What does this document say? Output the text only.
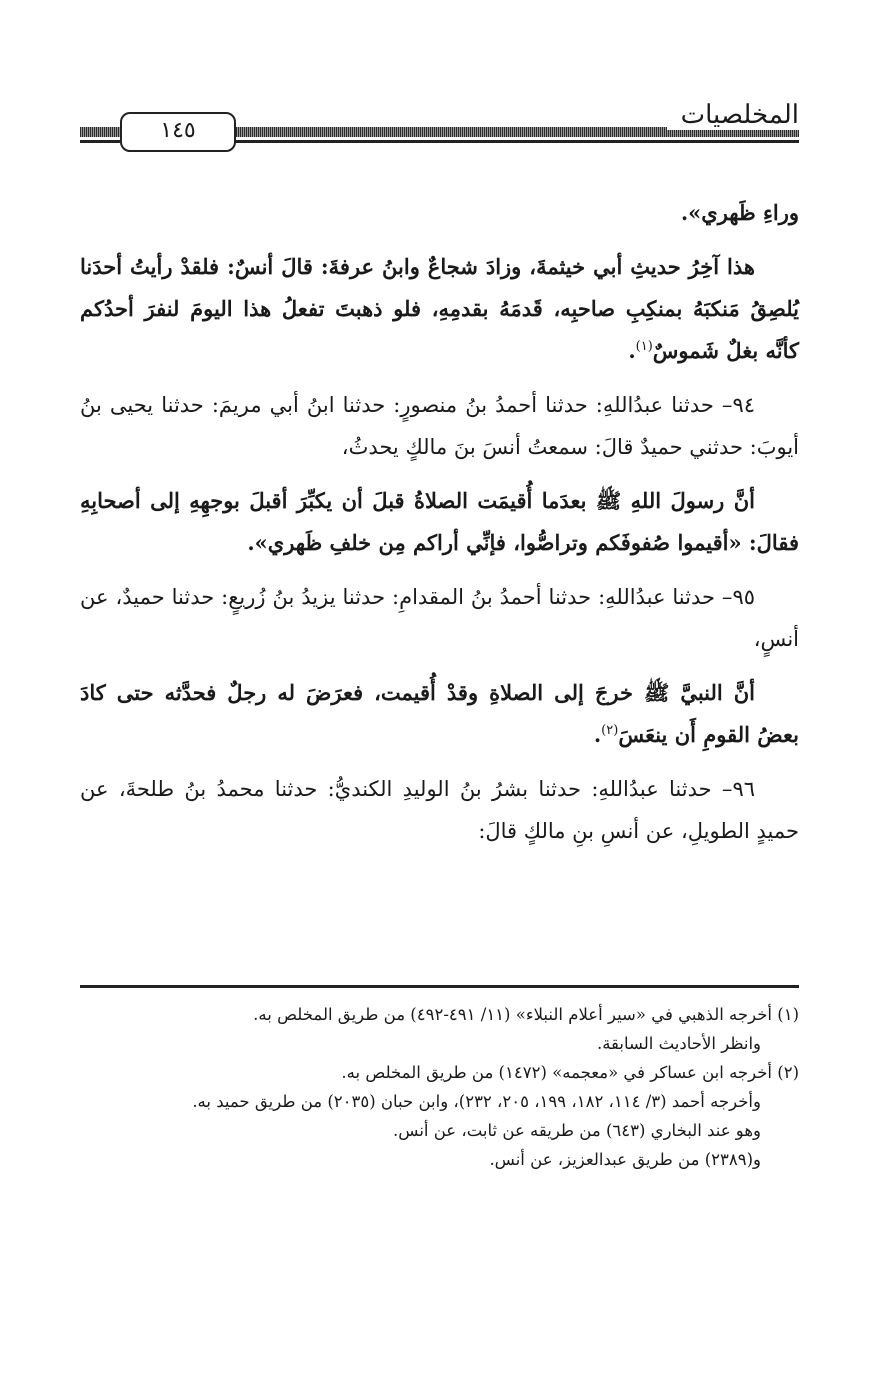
المخلصيات
١٤٥

وراءِ ظَهري».

هذا آخِرُ حديثِ أبي خيثمةَ، وزادَ شجاعٌ وابنُ عرفةَ: قالَ أنسٌ: فلقدْ رأيتُ أحدَنا يُلصِقُ مَنكبَهُ بمنكِبِ صاحبِه، قَدمَهُ بقدمِهِ، فلو ذهبتَ تفعلُ هذا اليومَ لنفرَ أحدُكم كأنَّه بغلٌ شَموسٌ$^{(١)}$.

٩٤– حدثنا عبدُاللهِ: حدثنا أحمدُ بنُ منصورٍ: حدثنا ابنُ أبي مريمَ: حدثنا يحيى بنُ أيوبَ: حدثني حميدٌ قالَ: سمعتُ أنسَ بنَ مالكٍ يحدثُ،

أنَّ رسولَ اللهِ ﷺ بعدَما أُقيمَت الصلاةُ قبلَ أن يكبِّرَ أقبلَ بوجهِهِ إلى أصحابِهِ فقالَ: «أقيموا صُفوفَكم وتراصُّوا، فإنِّي أراكم مِن خلفِ ظَهري».

٩٥– حدثنا عبدُاللهِ: حدثنا أحمدُ بنُ المقدامِ: حدثنا يزيدُ بنُ زُريعٍ: حدثنا حميدٌ، عن أنسٍ،

أنَّ النبيَّ ﷺ خرجَ إلى الصلاةِ وقدْ أُقيمت، فعرَضَ له رجلٌ فحدَّثه حتى كادَ بعضُ القومِ أَن ينعَسَ$^{(٢)}$.

٩٦– حدثنا عبدُاللهِ: حدثنا بشرُ بنُ الوليدِ الكنديُّ: حدثنا محمدُ بنُ طلحةَ، عن حميدٍ الطويلِ، عن أنسِ بنِ مالكٍ قالَ:

(١) أخرجه الذهبي في «سير أعلام النبلاء» (١١/ ٤٩١-٤٩٢) من طريق المخلص به.

وانظر الأحاديث السابقة.

(٢) أخرجه ابن عساكر في «معجمه» (١٤٧٢) من طريق المخلص به.

وأخرجه أحمد (٣/ ١١٤، ١٨٢، ١٩٩، ٢٠٥، ٢٣٢)، وابن حبان (٢٠٣٥) من طريق حميد به.

وهو عند البخاري (٦٤٣) من طريقه عن ثابت، عن أنس.

و(٢٣٨٩) من طريق عبدالعزيز، عن أنس.
